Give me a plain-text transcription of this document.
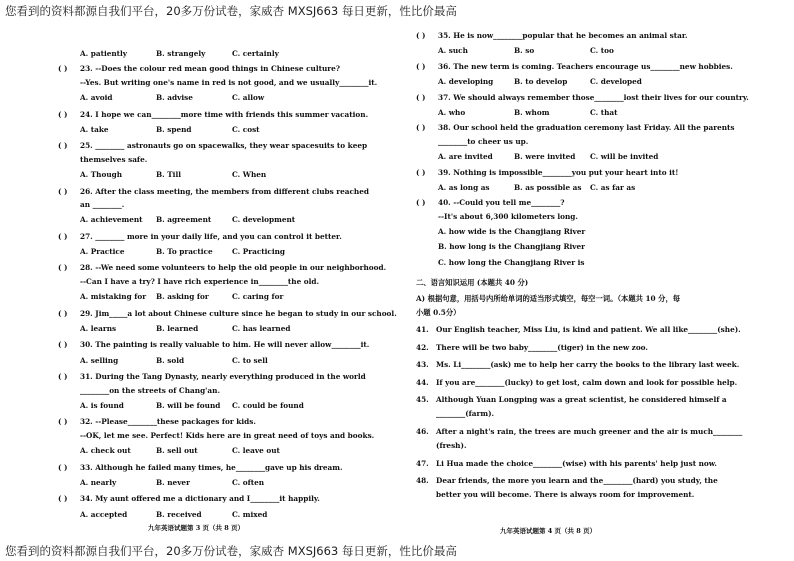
您看到的资料都源自我们平台，20多万份试卷，家威杏 MXSJ663 每日更新，性比价最高
A. patiently	B. strangely	C. certainly
( )	23. --Does the colour red mean good things in Chinese culture?
--Yes. But writing one's name in red is not good, and we usually________it.
A. avoid	B. advise	C. allow
( )	24. I hope we can________more time with friends this summer vacation.
A. take	B. spend	C. cost
( )	25. ________ astronauts go on spacewalks, they wear spacesuits to keep
themselves safe.
A. Though	B. Till	C. When
( )	26. After the class meeting, the members from different clubs reached
an ________.
A. achievement	B. agreement	C. development
( )	27. ________ more in your daily life, and you can control it better.
A. Practice	B. To practice	C. Practicing
( )	28. --We need some volunteers to help the old people in our neighborhood.
--Can I have a try? I have rich experience in________the old.
A. mistaking for	B. asking for	C. caring for
( )	29. Jim_____a lot about Chinese culture since he began to study in our school.
A. learns	B. learned	C. has learned
( )	30. The painting is really valuable to him. He will never allow________it.
A. selling	B. sold	C. to sell
( )	31. During the Tang Dynasty, nearly everything produced in the world
________on the streets of Chang'an.
A. is found	B. will be found	C. could be found
( )	32. --Please________these packages for kids.
--OK, let me see. Perfect! Kids here are in great need of toys and books.
A. check out	B. sell out	C. leave out
( )	33. Although he failed many times, he________gave up his dream.
A. nearly	B. never	C. often
( )	34. My aunt offered me a dictionary and I________it happily.
A. accepted	B. received	C. mixed
( )	35. He is now________popular that he becomes an animal star.
A. such	B. so	C. too
( )	36. The new term is coming. Teachers encourage us________new hobbies.
A. developing	B. to develop	C. developed
( )	37. We should always remember those________lost their lives for our country.
A. who	B. whom	C. that
( )	38. Our school held the graduation ceremony last Friday. All the parents
________to cheer us up.
A. are invited	B. were invited	C. will be invited
( )	39. Nothing is impossible________you put your heart into it!
A. as long as	B. as possible as	C. as far as
( )	40. --Could you tell me________?
--It's about 6,300 kilometers long.
A. how wide is the Changjiang River
B. how long is the Changjiang River
C. how long the Changjiang River is
二、语言知识运用 (本题共 40 分)
A) 根据句意，用括号内所给单词的适当形式填空，每空一词。（本题共 10 分，每
小题 0.5分）
41. Our English teacher, Miss Liu, is kind and patient. We all like________(she).
42. There will be two baby________(tiger) in the new zoo.
43. Ms. Li________(ask) me to help her carry the books to the library last week.
44. If you are________(lucky) to get lost, calm down and look for possible help.
45. Although Yuan Longping was a great scientist, he considered himself a
________(farm).
46. After a night's rain, the trees are much greener and the air is much________
(fresh).
47. Li Hua made the choice________(wise) with his parents' help just now.
48. Dear friends, the more you learn and the________(hard) you study, the
better you will become. There is always room for improvement.
九年英语试题第 3 页（共 8 页）	九年英语试题第 4 页（共 8 页）
您看到的资料都源自我们平台，20多万份试卷，家威杏 MXSJ663 每日更新，性比价最高
